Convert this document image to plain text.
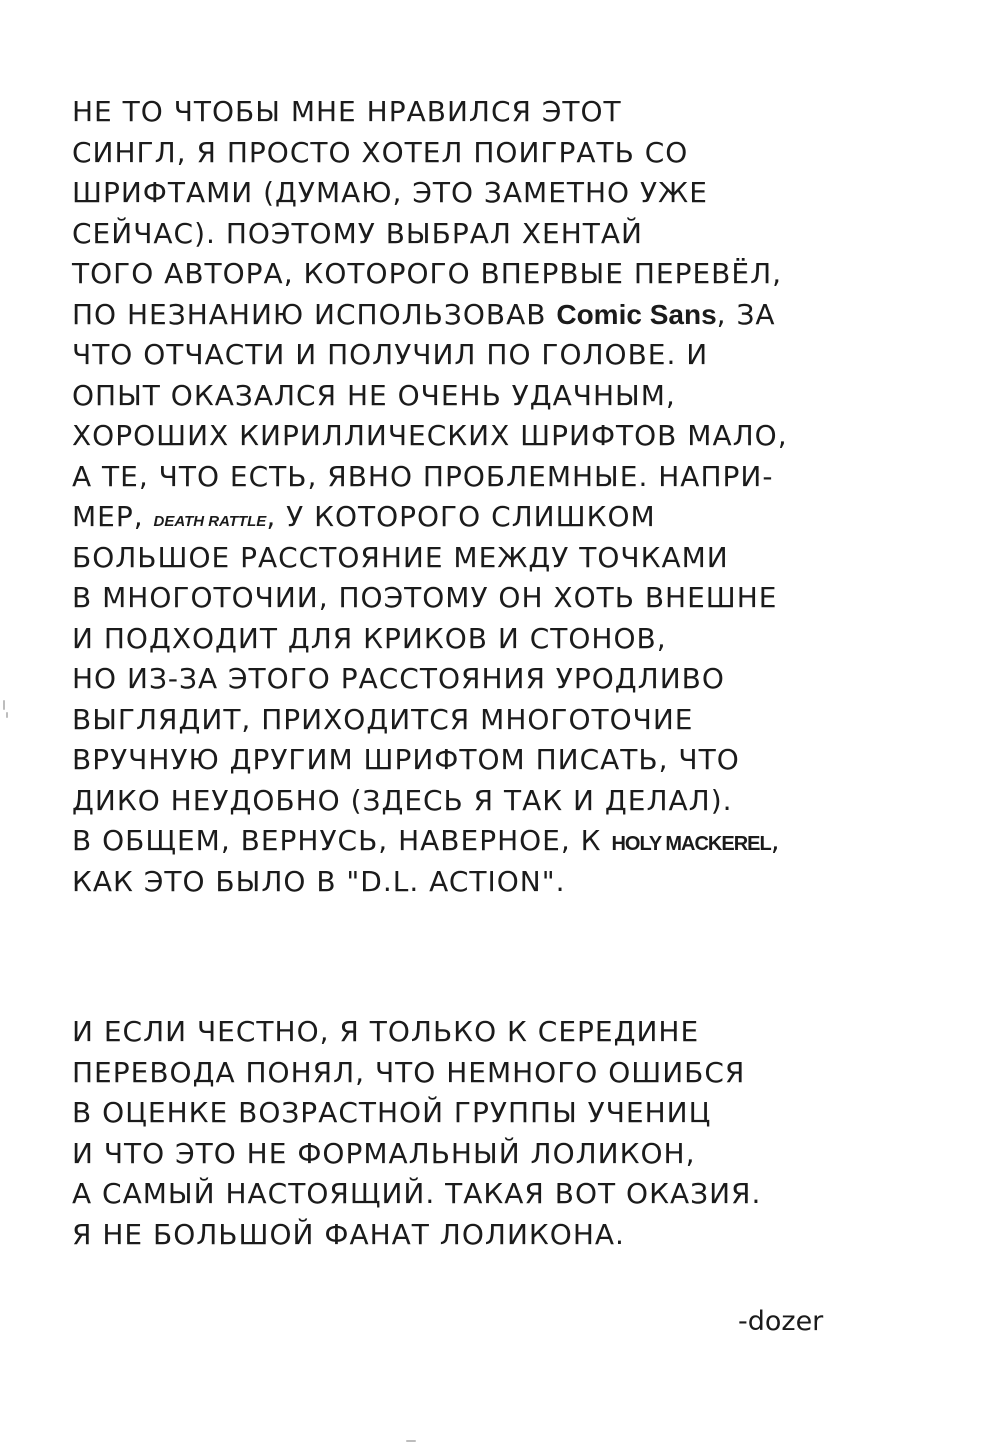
НЕ ТО ЧТОБЫ МНЕ НРАВИЛСЯ ЭТОТ
СИНГЛ, Я ПРОСТО ХОТЕЛ ПОИГРАТЬ СО
ШРИФТАМИ (ДУМАЮ, ЭТО ЗАМЕТНО УЖЕ
СЕЙЧАС). ПОЭТОМУ ВЫБРАЛ ХЕНТАЙ
ТОГО АВТОРА, КОТОРОГО ВПЕРВЫЕ ПЕРЕВЁЛ,
ПО НЕЗНАНИЮ ИСПОЛЬЗОВАВ Comic Sans, ЗА
ЧТО ОТЧАСТИ И ПОЛУЧИЛ ПО ГОЛОВЕ. И
ОПЫТ ОКАЗАЛСЯ НЕ ОЧЕНЬ УДАЧНЫМ,
ХОРОШИХ КИРИЛЛИЧЕСКИХ ШРИФТОВ МАЛО,
А ТЕ, ЧТО ЕСТЬ, ЯВНО ПРОБЛЕМНЫЕ. НАПРИ-
МЕР, DEATH RATTLE, У КОТОРОГО СЛИШКОМ
БОЛЬШОЕ РАССТОЯНИЕ МЕЖДУ ТОЧКАМИ
В МНОГОТОЧИИ, ПОЭТОМУ ОН ХОТЬ ВНЕШНЕ
И ПОДХОДИТ ДЛЯ КРИКОВ И СТОНОВ,
НО ИЗ-ЗА ЭТОГО РАССТОЯНИЯ УРОДЛИВО
ВЫГЛЯДИТ, ПРИХОДИТСЯ МНОГОТОЧИЕ
ВРУЧНУЮ ДРУГИМ ШРИФТОМ ПИСАТЬ, ЧТО
ДИКО НЕУДОБНО (ЗДЕСЬ Я ТАК И ДЕЛАЛ).
В ОБЩЕМ, ВЕРНУСЬ, НАВЕРНОЕ, К HOLY MACKEREL,
КАК ЭТО БЫЛО В "D.L. ACTION".
И ЕСЛИ ЧЕСТНО, Я ТОЛЬКО К СЕРЕДИНЕ
ПЕРЕВОДА ПОНЯЛ, ЧТО НЕМНОГО ОШИБСЯ
В ОЦЕНКЕ ВОЗРАСТНОЙ ГРУППЫ УЧЕНИЦ
И ЧТО ЭТО НЕ ФОРМАЛЬНЫЙ ЛОЛИКОН,
А САМЫЙ НАСТОЯЩИЙ. ТАКАЯ ВОТ ОКАЗИЯ.
Я НЕ БОЛЬШОЙ ФАНАТ ЛОЛИКОНА.
-dozer
